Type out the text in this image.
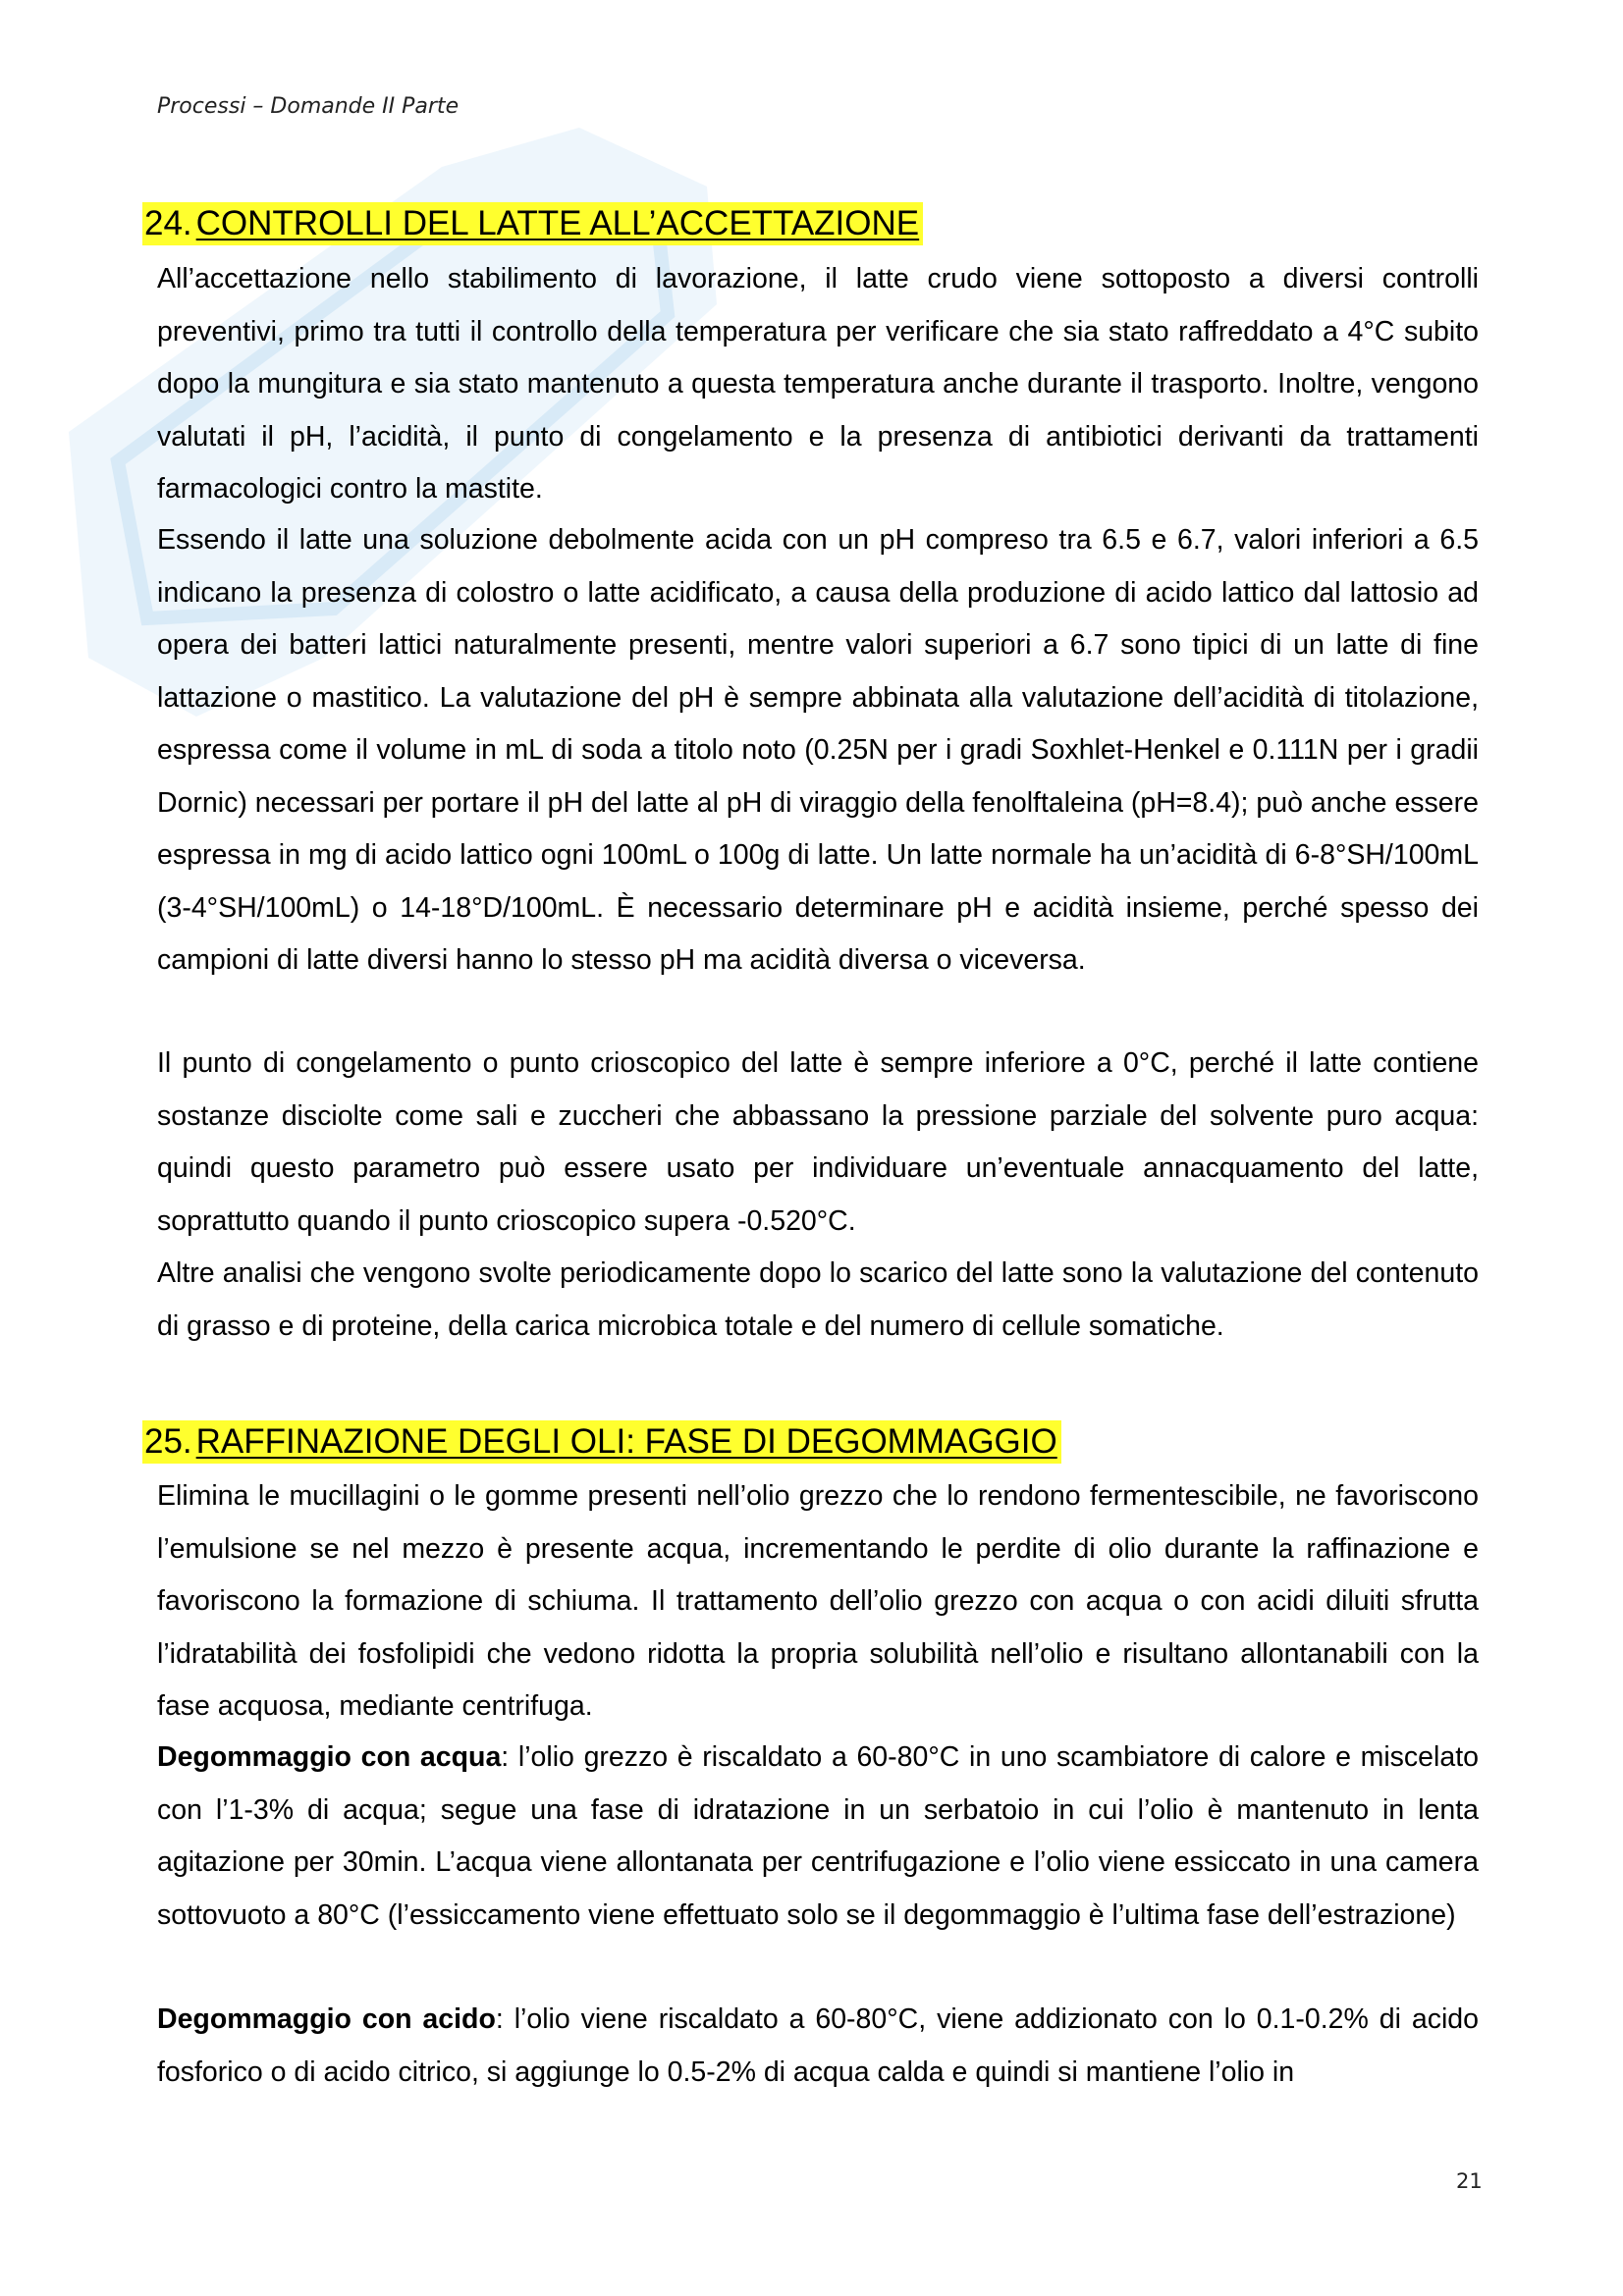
Processi – Domande II Parte
24. CONTROLLI DEL LATTE ALL’ACCETTAZIONE

All’accettazione nello stabilimento di lavorazione, il latte crudo viene sottoposto a diversi controlli preventivi, primo tra tutti il controllo della temperatura per verificare che sia stato raffreddato a 4°C subito dopo la mungitura e sia stato mantenuto a questa temperatura anche durante il trasporto. Inoltre, vengono valutati il pH, l’acidità, il punto di congelamento e la presenza di antibiotici derivanti da trattamenti farmacologici contro la mastite.

Essendo il latte una soluzione debolmente acida con un pH compreso tra 6.5 e 6.7, valori inferiori a 6.5 indicano la presenza di colostro o latte acidificato, a causa della produzione di acido lattico dal lattosio ad opera dei batteri lattici naturalmente presenti, mentre valori superiori a 6.7 sono tipici di un latte di fine lattazione o mastitico. La valutazione del pH è sempre abbinata alla valutazione dell’acidità di titolazione, espressa come il volume in mL di soda a titolo noto (0.25N per i gradi Soxhlet-Henkel e 0.111N per i gradii Dornic) necessari per portare il pH del latte al pH di viraggio della fenolftaleina (pH=8.4); può anche essere espressa in mg di acido lattico ogni 100mL o 100g di latte. Un latte normale ha un’acidità di 6-8°SH/100mL (3-4°SH/100mL) o 14-18°D/100mL. È necessario determinare pH e acidità insieme, perché spesso dei campioni di latte diversi hanno lo stesso pH ma acidità diversa o viceversa.

Il punto di congelamento o punto crioscopico del latte è sempre inferiore a 0°C, perché il latte contiene sostanze disciolte come sali e zuccheri che abbassano la pressione parziale del solvente puro acqua: quindi questo parametro può essere usato per individuare un’eventuale annacquamento del latte, soprattutto quando il punto crioscopico supera -0.520°C.

Altre analisi che vengono svolte periodicamente dopo lo scarico del latte sono la valutazione del contenuto di grasso e di proteine, della carica microbica totale e del numero di cellule somatiche.

25. RAFFINAZIONE DEGLI OLI: FASE DI DEGOMMAGGIO

Elimina le mucillagini o le gomme presenti nell’olio grezzo che lo rendono fermentescibile, ne favoriscono l’emulsione se nel mezzo è presente acqua, incrementando le perdite di olio durante la raffinazione e favoriscono la formazione di schiuma. Il trattamento dell’olio grezzo con acqua o con acidi diluiti sfrutta l’idratabilità dei fosfolipidi che vedono ridotta la propria solubilità nell’olio e risultano allontanabili con la fase acquosa, mediante centrifuga.

Degommaggio con acqua: l’olio grezzo è riscaldato a 60-80°C in uno scambiatore di calore e miscelato con l’1-3% di acqua; segue una fase di idratazione in un serbatoio in cui l’olio è mantenuto in lenta agitazione per 30min. L’acqua viene allontanata per centrifugazione e l’olio viene essiccato in una camera sottovuoto a 80°C (l’essiccamento viene effettuato solo se il degommaggio è l’ultima fase dell’estrazione)

Degommaggio con acido: l’olio viene riscaldato a 60-80°C, viene addizionato con lo 0.1-0.2% di acido fosforico o di acido citrico, si aggiunge lo 0.5-2% di acqua calda e quindi si mantiene l’olio in

21
